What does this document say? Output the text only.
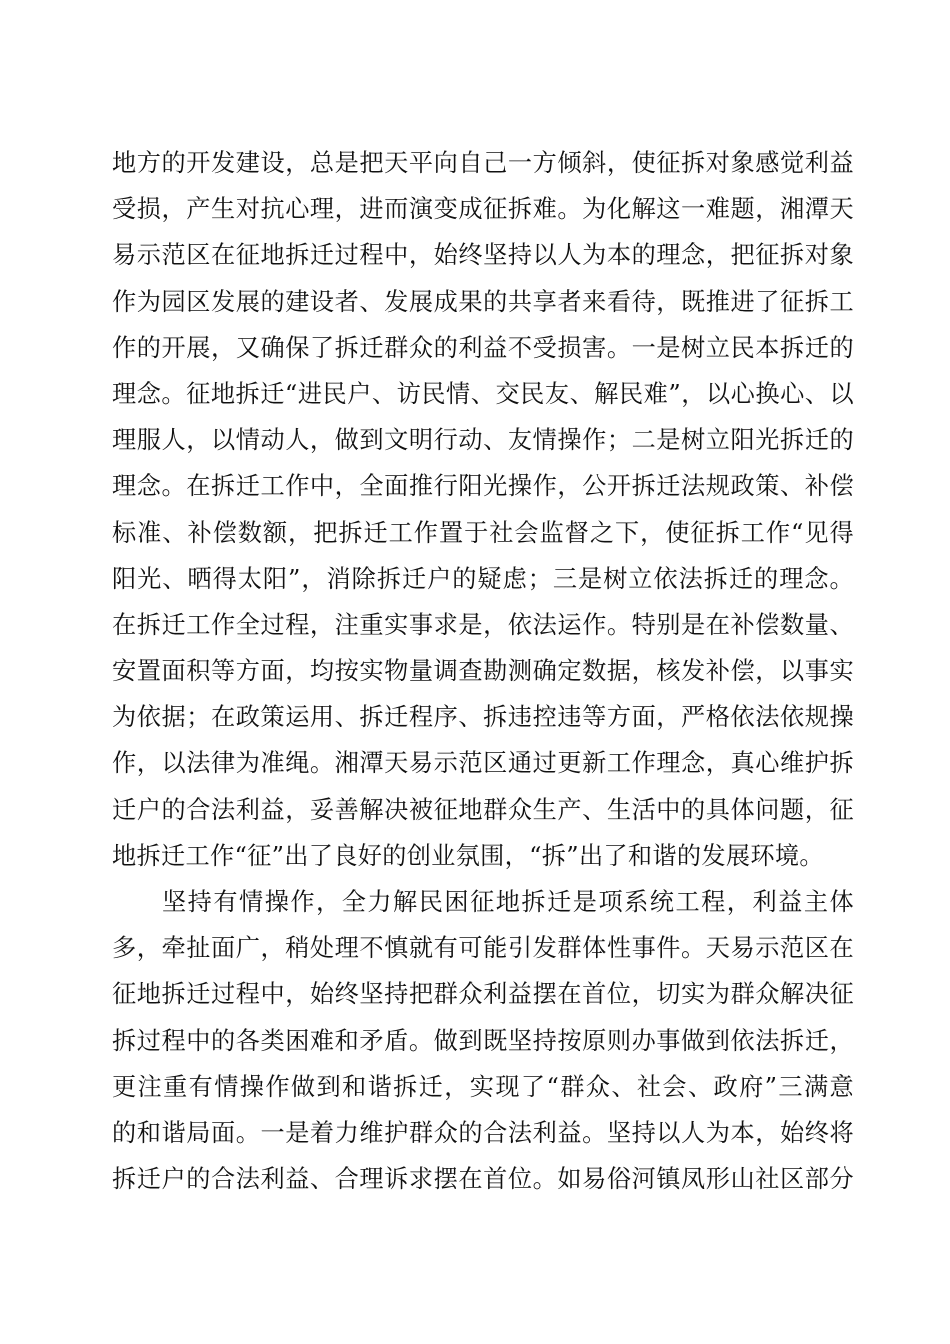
地方的开发建设，总是把天平向自己一方倾斜，使征拆对象感觉利益
受损，产生对抗心理，进而演变成征拆难。为化解这一难题，湘潭天
易示范区在征地拆迁过程中，始终坚持以人为本的理念，把征拆对象
作为园区发展的建设者、发展成果的共享者来看待，既推进了征拆工
作的开展，又确保了拆迁群众的利益不受损害。一是树立民本拆迁的
理念。征地拆迁“进民户、访民情、交民友、解民难”，以心换心、以
理服人，以情动人，做到文明行动、友情操作；二是树立阳光拆迁的
理念。在拆迁工作中，全面推行阳光操作，公开拆迁法规政策、补偿
标准、补偿数额，把拆迁工作置于社会监督之下，使征拆工作“见得
阳光、晒得太阳”，消除拆迁户的疑虑；三是树立依法拆迁的理念。
在拆迁工作全过程，注重实事求是，依法运作。特别是在补偿数量、
安置面积等方面，均按实物量调查勘测确定数据，核发补偿，以事实
为依据；在政策运用、拆迁程序、拆违控违等方面，严格依法依规操
作，以法律为准绳。湘潭天易示范区通过更新工作理念，真心维护拆
迁户的合法利益，妥善解决被征地群众生产、生活中的具体问题，征
地拆迁工作“征”出了良好的创业氛围，“拆”出了和谐的发展环境。
坚持有情操作，全力解民困征地拆迁是项系统工程，利益主体
多，牵扯面广，稍处理不慎就有可能引发群体性事件。天易示范区在
征地拆迁过程中，始终坚持把群众利益摆在首位，切实为群众解决征
拆过程中的各类困难和矛盾。做到既坚持按原则办事做到依法拆迁，
更注重有情操作做到和谐拆迁，实现了“群众、社会、政府”三满意
的和谐局面。一是着力维护群众的合法利益。坚持以人为本，始终将
拆迁户的合法利益、合理诉求摆在首位。如易俗河镇凤形山社区部分
